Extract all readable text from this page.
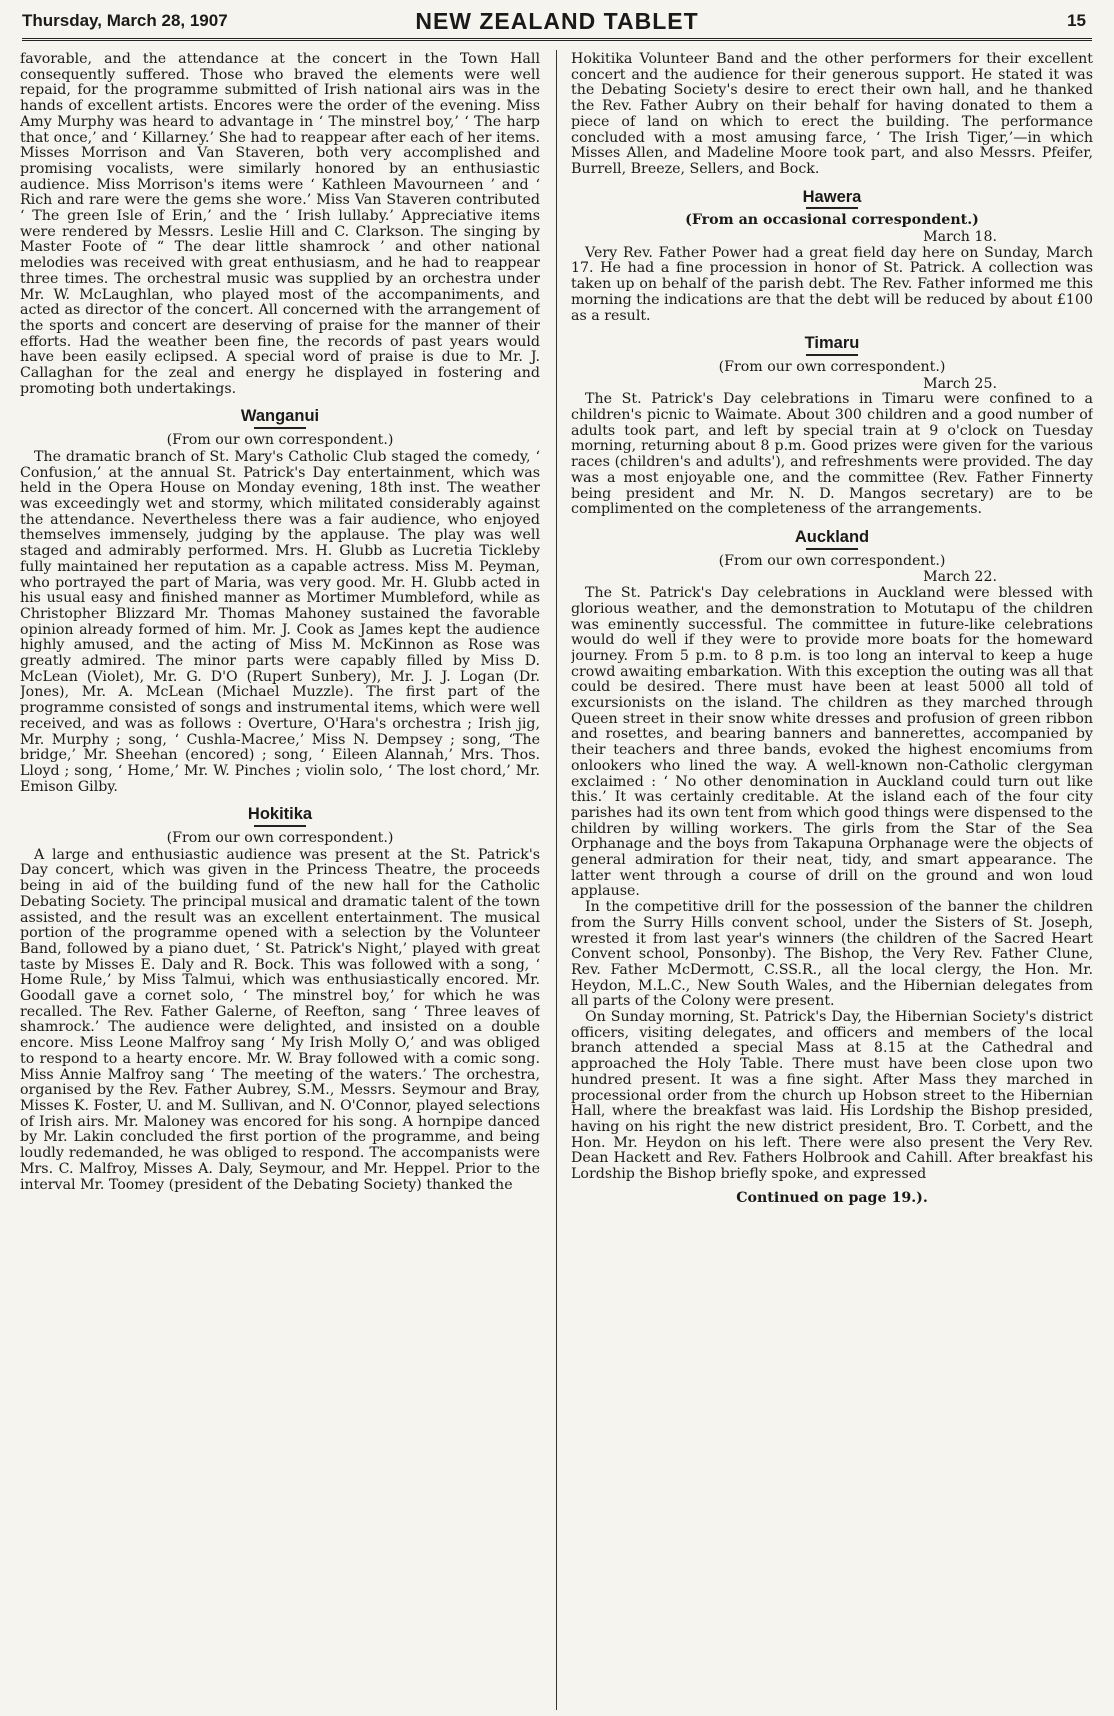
Thursday, March 28, 1907	NEW ZEALAND TABLET	15

favorable, and the attendance at the concert in the Town Hall consequently suffered. Those who braved the elements were well repaid, for the programme submitted of Irish national airs was in the hands of excellent artists. Encores were the order of the evening. Miss Amy Murphy was heard to advantage in ‘ The minstrel boy,’ ‘ The harp that once,’ and ‘ Killarney.’ She had to reappear after each of her items. Misses Morrison and Van Staveren, both very accomplished and promising vocalists, were similarly honored by an enthusiastic audience. Miss Morrison's items were ‘ Kathleen Mavourneen ’ and ‘ Rich and rare were the gems she wore.’ Miss Van Staveren contributed ‘ The green Isle of Erin,’ and the ‘ Irish lullaby.’ Appreciative items were rendered by Messrs. Leslie Hill and C. Clarkson. The singing by Master Foote of “ The dear little shamrock ’ and other national melodies was received with great enthusiasm, and he had to reappear three times. The orchestral music was supplied by an orchestra under Mr. W. McLaughlan, who played most of the accompaniments, and acted as director of the concert. All concerned with the arrangement of the sports and concert are deserving of praise for the manner of their efforts. Had the weather been fine, the records of past years would have been easily eclipsed. A special word of praise is due to Mr. J. Callaghan for the zeal and energy he displayed in fostering and promoting both undertakings.

Wanganui
(From our own correspondent.)

The dramatic branch of St. Mary's Catholic Club staged the comedy, ‘ Confusion,’ at the annual St. Patrick's Day entertainment, which was held in the Opera House on Monday evening, 18th inst. The weather was exceedingly wet and stormy, which militated considerably against the attendance. Nevertheless there was a fair audience, who enjoyed themselves immensely, judging by the applause. The play was well staged and admirably performed. Mrs. H. Glubb as Lucretia Tickleby fully maintained her reputation as a capable actress. Miss M. Peyman, who portrayed the part of Maria, was very good. Mr. H. Glubb acted in his usual easy and finished manner as Mortimer Mumbleford, while as Christopher Blizzard Mr. Thomas Mahoney sustained the favorable opinion already formed of him. Mr. J. Cook as James kept the audience highly amused, and the acting of Miss M. McKinnon as Rose was greatly admired. The minor parts were capably filled by Miss D. McLean (Violet), Mr. G. D'O (Rupert Sunbery), Mr. J. J. Logan (Dr. Jones), Mr. A. McLean (Michael Muzzle). The first part of the programme consisted of songs and instrumental items, which were well received, and was as follows : Overture, O'Hara's orchestra ; Irish jig, Mr. Murphy ; song, ‘ Cushla-Macree,’ Miss N. Dempsey ; song, ‘The bridge,’ Mr. Sheehan (encored) ; song, ‘ Eileen Alannah,’ Mrs. Thos. Lloyd ; song, ‘ Home,’ Mr. W. Pinches ; violin solo, ‘ The lost chord,’ Mr. Emison Gilby.

Hokitika
(From our own correspondent.)

A large and enthusiastic audience was present at the St. Patrick's Day concert, which was given in the Princess Theatre, the proceeds being in aid of the building fund of the new hall for the Catholic Debating Society. The principal musical and dramatic talent of the town assisted, and the result was an excellent entertainment. The musical portion of the programme opened with a selection by the Volunteer Band, followed by a piano duet, ‘ St. Patrick's Night,’ played with great taste by Misses E. Daly and R. Bock. This was followed with a song, ‘ Home Rule,’ by Miss Talmui, which was enthusiastically encored. Mr. Goodall gave a cornet solo, ‘ The minstrel boy,’ for which he was recalled. The Rev. Father Galerne, of Reefton, sang ‘ Three leaves of shamrock.’ The audience were delighted, and insisted on a double encore. Miss Leone Malfroy sang ‘ My Irish Molly O,’ and was obliged to respond to a hearty encore. Mr. W. Bray followed with a comic song. Miss Annie Malfroy sang ‘ The meeting of the waters.’ The orchestra, organised by the Rev. Father Aubrey, S.M., Messrs. Seymour and Bray, Misses K. Foster, U. and M. Sullivan, and N. O'Connor, played selections of Irish airs. Mr. Maloney was encored for his song. A hornpipe danced by Mr. Lakin concluded the first portion of the programme, and being loudly redemanded, he was obliged to respond. The accompanists were Mrs. C. Malfroy, Misses A. Daly, Seymour, and Mr. Heppel. Prior to the interval Mr. Toomey (president of the Debating Society) thanked the

Hokitika Volunteer Band and the other performers for their excellent concert and the audience for their generous support. He stated it was the Debating Society's desire to erect their own hall, and he thanked the Rev. Father Aubry on their behalf for having donated to them a piece of land on which to erect the building. The performance concluded with a most amusing farce, ‘ The Irish Tiger,’—in which Misses Allen, and Madeline Moore took part, and also Messrs. Pfeifer, Burrell, Breeze, Sellers, and Bock.

Hawera
(From an occasional correspondent.)
March 18.

Very Rev. Father Power had a great field day here on Sunday, March 17. He had a fine procession in honor of St. Patrick. A collection was taken up on behalf of the parish debt. The Rev. Father informed me this morning the indications are that the debt will be reduced by about £100 as a result.

Timaru
(From our own correspondent.)
March 25.

The St. Patrick's Day celebrations in Timaru were confined to a children's picnic to Waimate. About 300 children and a good number of adults took part, and left by special train at 9 o'clock on Tuesday morning, returning about 8 p.m. Good prizes were given for the various races (children's and adults'), and refreshments were provided. The day was a most enjoyable one, and the committee (Rev. Father Finnerty being president and Mr. N. D. Mangos secretary) are to be complimented on the completeness of the arrangements.

Auckland
(From our own correspondent.)
March 22.

The St. Patrick's Day celebrations in Auckland were blessed with glorious weather, and the demonstration to Motutapu of the children was eminently successful. The committee in future-like celebrations would do well if they were to provide more boats for the homeward journey. From 5 p.m. to 8 p.m. is too long an interval to keep a huge crowd awaiting embarkation. With this exception the outing was all that could be desired. There must have been at least 5000 all told of excursionists on the island. The children as they marched through Queen street in their snow white dresses and profusion of green ribbon and rosettes, and bearing banners and bannerettes, accompanied by their teachers and three bands, evoked the highest encomiums from onlookers who lined the way. A well-known non-Catholic clergyman exclaimed : ‘ No other denomination in Auckland could turn out like this.’ It was certainly creditable. At the island each of the four city parishes had its own tent from which good things were dispensed to the children by willing workers. The girls from the Star of the Sea Orphanage and the boys from Takapuna Orphanage were the objects of general admiration for their neat, tidy, and smart appearance. The latter went through a course of drill on the ground and won loud applause.

In the competitive drill for the possession of the banner the children from the Surry Hills convent school, under the Sisters of St. Joseph, wrested it from last year's winners (the children of the Sacred Heart Convent school, Ponsonby). The Bishop, the Very Rev. Father Clune, Rev. Father McDermott, C.SS.R., all the local clergy, the Hon. Mr. Heydon, M.L.C., New South Wales, and the Hibernian delegates from all parts of the Colony were present.

On Sunday morning, St. Patrick's Day, the Hibernian Society's district officers, visiting delegates, and officers and members of the local branch attended a special Mass at 8.15 at the Cathedral and approached the Holy Table. There must have been close upon two hundred present. It was a fine sight. After Mass they marched in processional order from the church up Hobson street to the Hibernian Hall, where the breakfast was laid. His Lordship the Bishop presided, having on his right the new district president, Bro. T. Corbett, and the Hon. Mr. Heydon on his left. There were also present the Very Rev. Dean Hackett and Rev. Fathers Holbrook and Cahill. After breakfast his Lordship the Bishop briefly spoke, and expressed

Continued on page 19.).
